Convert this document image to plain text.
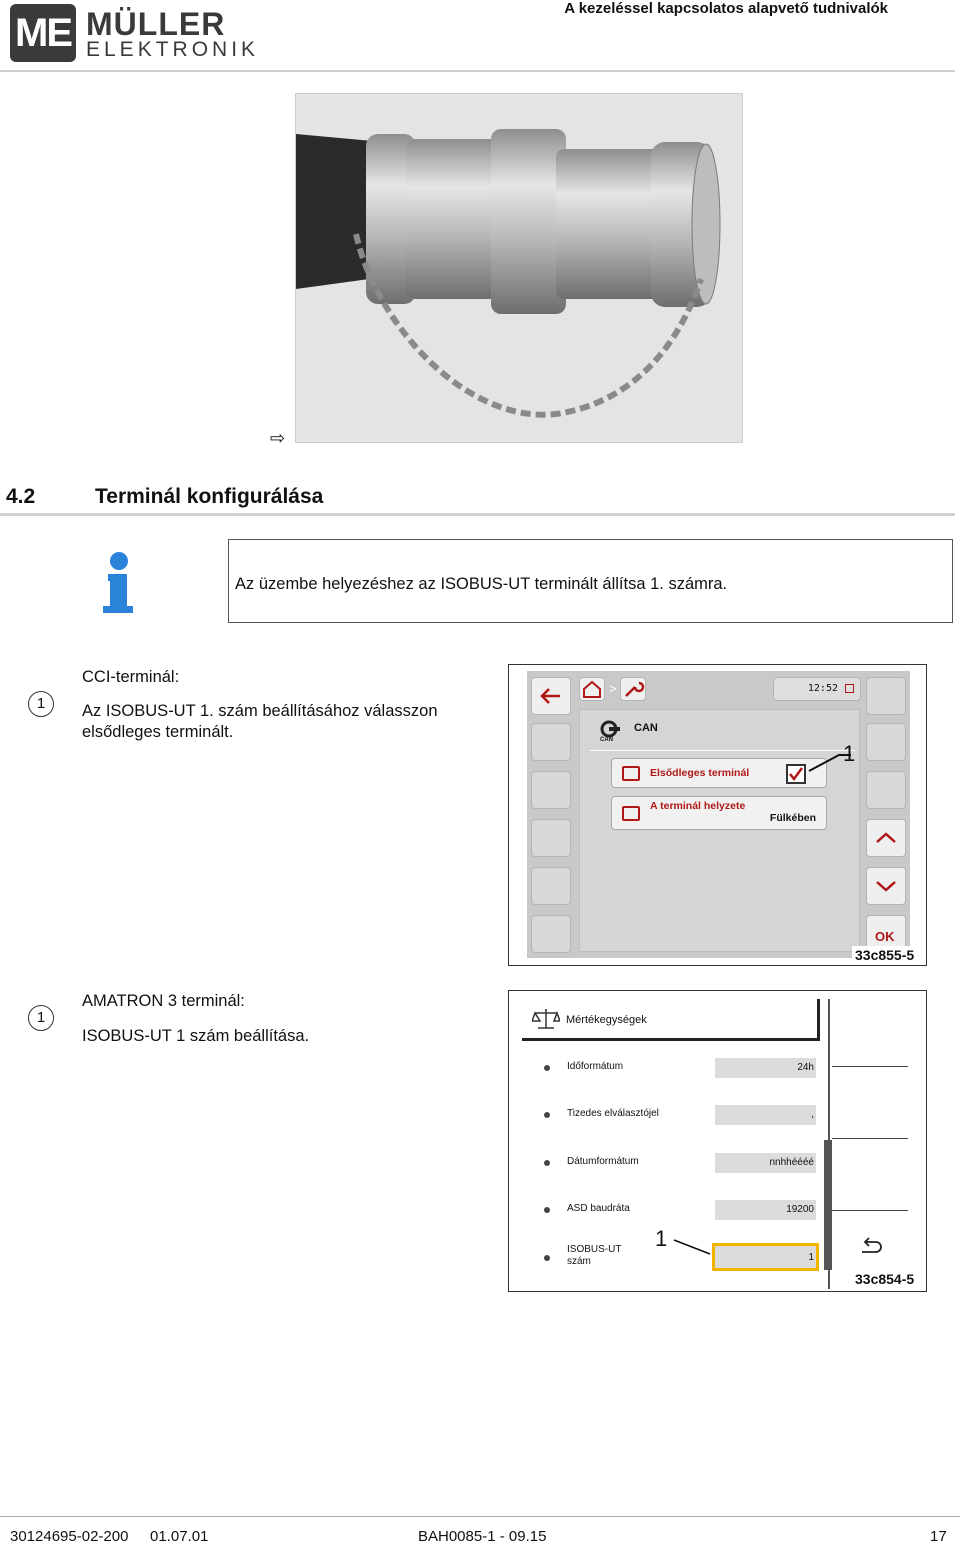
ME MÜLLER
ELEKTRONIK
A kezeléssel kapcsolatos alapvető tudnivalók
⇨
4.2	Terminál konfigurálása
Az üzembe helyezéshez az ISOBUS-UT terminált állítsa 1. számra.
1
CCI-terminál:
Az ISOBUS-UT 1. szám beállításához válasszon elsődleges terminált.
>	12:52
CAN
CAN
Elsődleges terminál
A terminál helyzete
Fülkében
1
OK
33c855-5
1
AMATRON 3 terminál:
ISOBUS-UT 1 szám beállítása.
Mértékegységek
Időformátum	24h
Tizedes elválasztójel	,
Dátumformátum	nnhhéééé
ASD baudráta	19200
ISOBUS-UT szám	1
1
33c854-5
30124695-02-200 01.07.01	BAH0085-1 - 09.15	17
